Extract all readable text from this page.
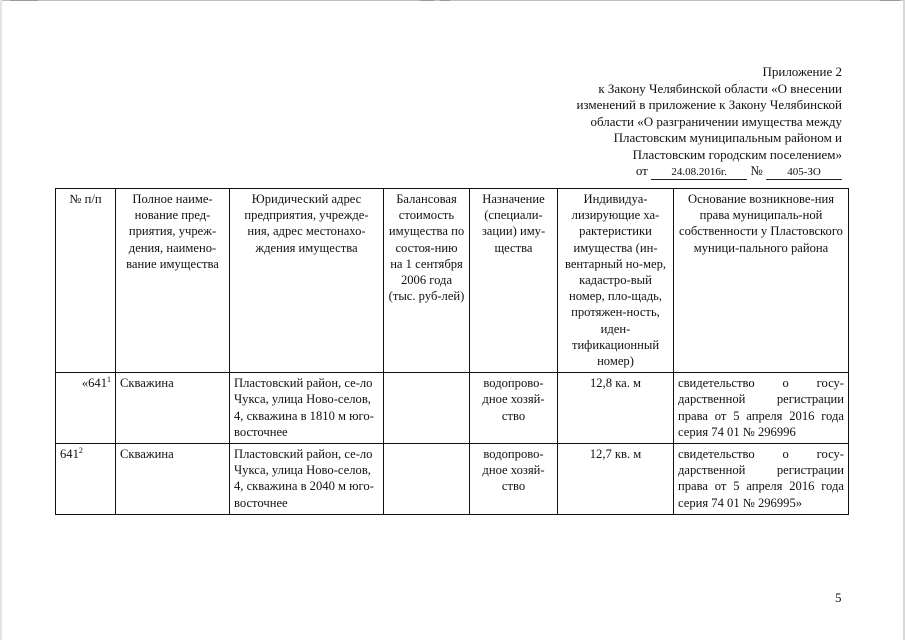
Приложение 2
к Закону Челябинской области «О внесении
изменений в приложение к Закону Челябинской
области «О разграничении имущества между
Пластовским муниципальным районом и
Пластовским городским поселением»
от 24.08.2016г. № 405-ЗО
№ п/п	Полное наиме-нование пред-приятия, учреж-дения, наимено-вание имущества	Юридический адрес предприятия, учрежде-ния, адрес местонахо-ждения имущества	Балансовая стоимость имущества по состоя-нию на 1 сентября 2006 года (тыс. руб-лей)	Назначение (специали-зации) иму-щества	Индивидуа-лизирующие ха-рактеристики имущества (ин-вентарный но-мер, кадастро-вый номер, пло-щадь, протяжен-ность, иден-тификационный номер)	Основание возникнове-ния права муниципаль-ной собственности у Пластовского муници-пального района
«$641^1$	Скважина	Пластовский район, се-ло Чукса, улица Ново-селов, 4, скважина в 1810 м юго-восточнее		водопрово-дное хозяй-ство	12,8 ка. м	свидетельство о госу-дарственной регистрации права от 5 апреля 2016 года серия 74 01 № 296996
$641^2$	Скважина	Пластовский район, се-ло Чукса, улица Ново-селов, 4, скважина в 2040 м юго-восточнее		водопрово-дное хозяй-ство	12,7 кв. м	свидетельство о госу-дарственной регистрации права от 5 апреля 2016 года серия 74 01 № 296995»
5
